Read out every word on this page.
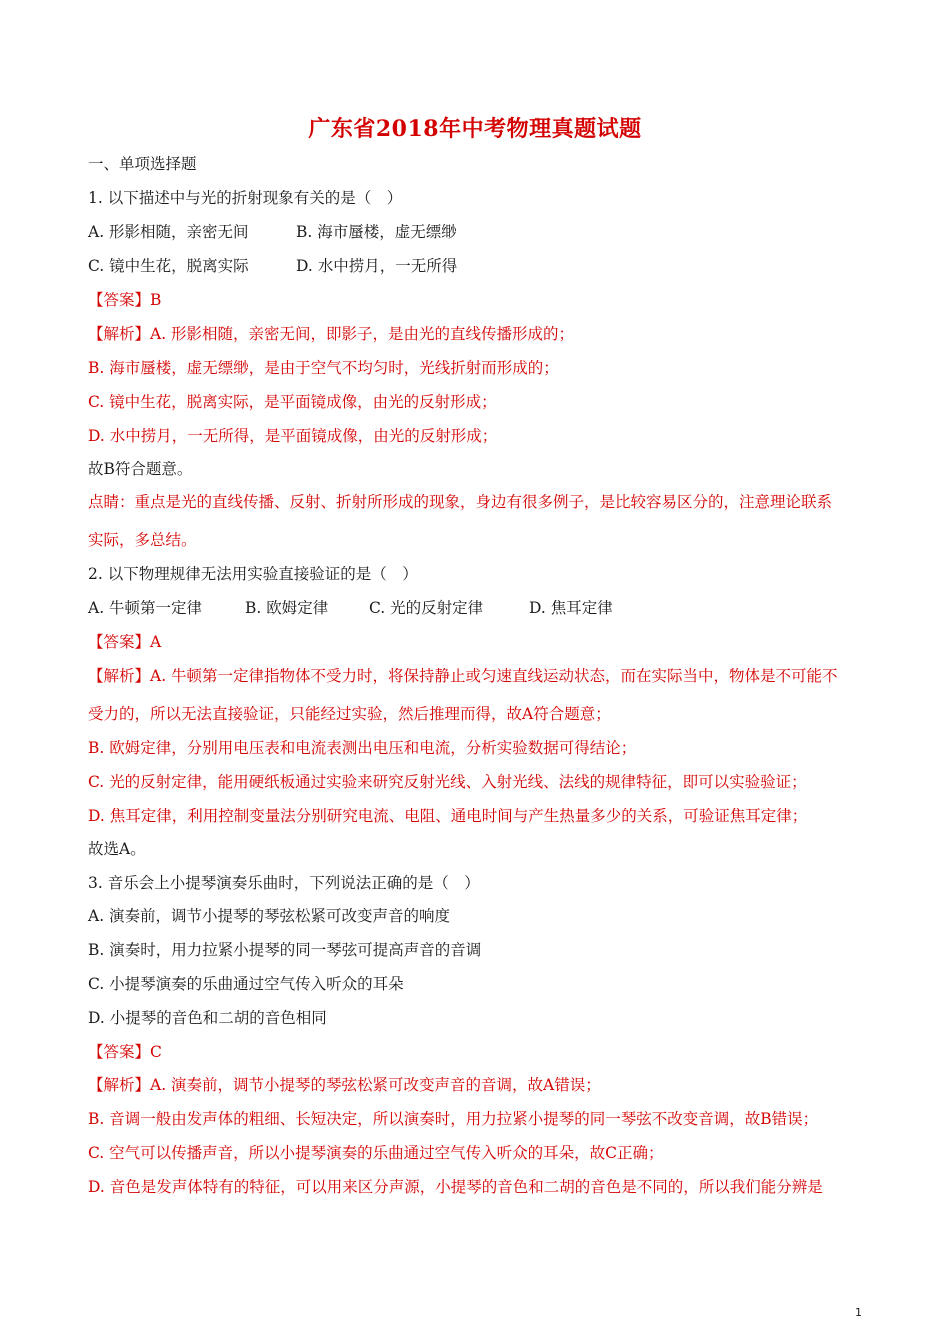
广东省2018年中考物理真题试题
一、单项选择题
1. 以下描述中与光的折射现象有关的是（　）
A. 形影相随，亲密无间	B. 海市蜃楼，虚无缥缈
C. 镜中生花，脱离实际	D. 水中捞月，一无所得
【答案】B
【解析】A. 形影相随，亲密无间，即影子，是由光的直线传播形成的；
B. 海市蜃楼，虚无缥缈，是由于空气不均匀时，光线折射而形成的；
C. 镜中生花，脱离实际，是平面镜成像，由光的反射形成；
D. 水中捞月，一无所得，是平面镜成像，由光的反射形成；
故B符合题意。
点睛：重点是光的直线传播、反射、折射所形成的现象，身边有很多例子，是比较容易区分的，注意理论联系
实际，多总结。
2. 以下物理规律无法用实验直接验证的是（　）
A. 牛顿第一定律	B. 欧姆定律	C. 光的反射定律	D. 焦耳定律
【答案】A
【解析】A. 牛顿第一定律指物体不受力时，将保持静止或匀速直线运动状态，而在实际当中，物体是不可能不
受力的，所以无法直接验证，只能经过实验，然后推理而得，故A符合题意；
B. 欧姆定律，分别用电压表和电流表测出电压和电流，分析实验数据可得结论；
C. 光的反射定律，能用硬纸板通过实验来研究反射光线、入射光线、法线的规律特征，即可以实验验证；
D. 焦耳定律，利用控制变量法分别研究电流、电阻、通电时间与产生热量多少的关系，可验证焦耳定律；
故选A。
3. 音乐会上小提琴演奏乐曲时，下列说法正确的是（　）
A. 演奏前，调节小提琴的琴弦松紧可改变声音的响度
B. 演奏时，用力拉紧小提琴的同一琴弦可提高声音的音调
C. 小提琴演奏的乐曲通过空气传入听众的耳朵
D. 小提琴的音色和二胡的音色相同
【答案】C
【解析】A. 演奏前，调节小提琴的琴弦松紧可改变声音的音调，故A错误；
B. 音调一般由发声体的粗细、长短决定，所以演奏时，用力拉紧小提琴的同一琴弦不改变音调，故B错误；
C. 空气可以传播声音，所以小提琴演奏的乐曲通过空气传入听众的耳朵，故C正确；
D. 音色是发声体特有的特征，可以用来区分声源，小提琴的音色和二胡的音色是不同的，所以我们能分辨是
1
